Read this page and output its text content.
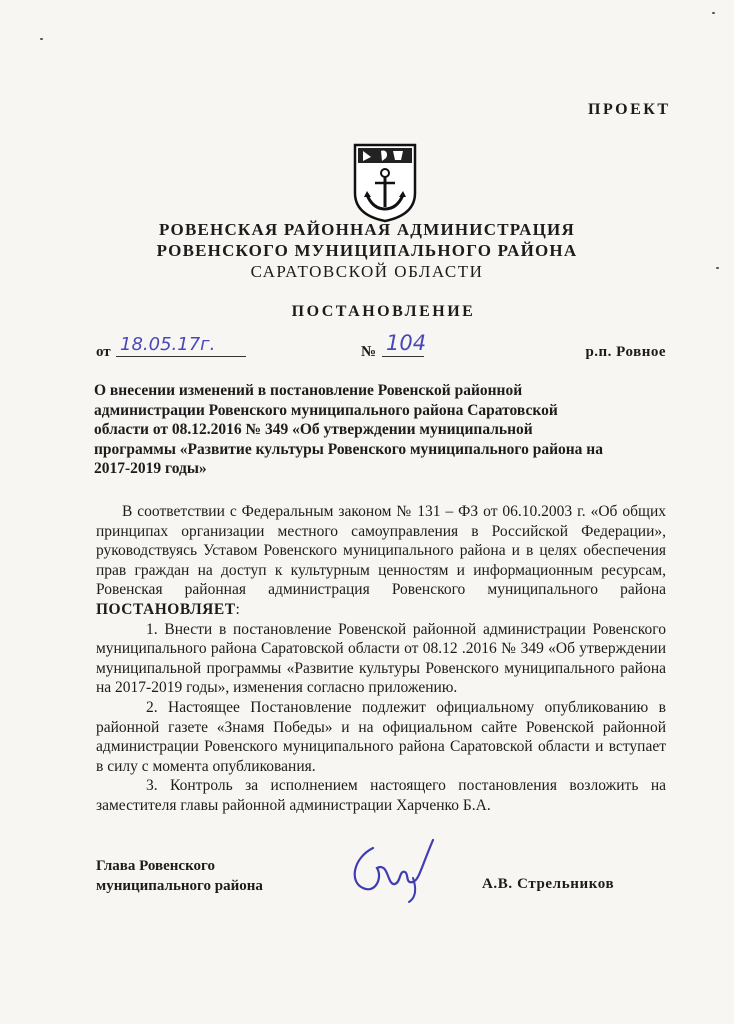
ПРОЕКТ
РОВЕНСКАЯ РАЙОННАЯ АДМИНИСТРАЦИЯ
РОВЕНСКОГО МУНИЦИПАЛЬНОГО РАЙОНА
САРАТОВСКОЙ ОБЛАСТИ
ПОСТАНОВЛЕНИЕ
от 18.05.17г.	№ 104	р.п. Ровное
О внесении изменений в постановление Ровенской районной администрации Ровенского муниципального района Саратовской области от 08.12.2016 № 349 «Об утверждении муниципальной программы «Развитие культуры Ровенского муниципального района на 2017-2019 годы»

В соответствии с Федеральным законом № 131 – ФЗ от 06.10.2003 г. «Об общих принципах организации местного самоуправления в Российской Федерации», руководствуясь Уставом Ровенского муниципального района и в целях обеспечения прав граждан на доступ к культурным ценностям и информационным ресурсам, Ровенская районная администрация Ровенского муниципального района ПОСТАНОВЛЯЕТ:

1. Внести в постановление Ровенской районной администрации Ровенского муниципального района Саратовской области от 08.12 .2016 № 349 «Об утверждении муниципальной программы «Развитие культуры Ровенского муниципального района на 2017-2019 годы», изменения согласно приложению.

2. Настоящее Постановление подлежит официальному опубликованию в районной газете «Знамя Победы» и на официальном сайте Ровенской районной администрации Ровенского муниципального района Саратовской области и вступает в силу с момента опубликования.

3. Контроль за исполнением настоящего постановления возложить на заместителя главы районной администрации Харченко Б.А.

Глава Ровенского
муниципального района	А.В. Стрельников
